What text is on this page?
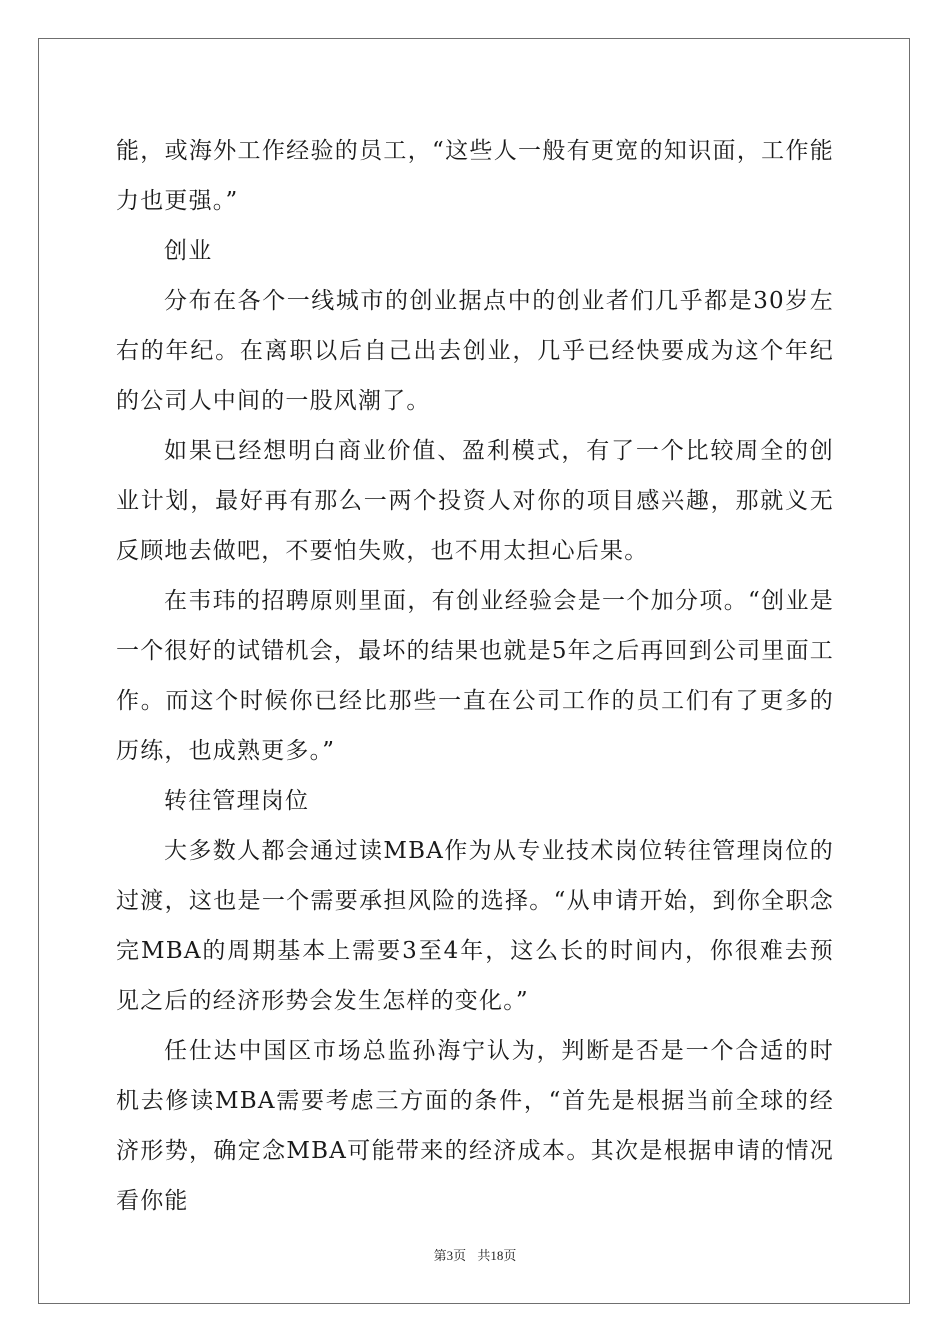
能，或海外工作经验的员工，“这些人一般有更宽的知识面，工作能力也更强。”

创业

分布在各个一线城市的创业据点中的创业者们几乎都是30岁左右的年纪。在离职以后自己出去创业，几乎已经快要成为这个年纪的公司人中间的一股风潮了。

如果已经想明白商业价值、盈利模式，有了一个比较周全的创业计划，最好再有那么一两个投资人对你的项目感兴趣，那就义无反顾地去做吧，不要怕失败，也不用太担心后果。

在韦玮的招聘原则里面，有创业经验会是一个加分项。“创业是一个很好的试错机会，最坏的结果也就是5年之后再回到公司里面工作。而这个时候你已经比那些一直在公司工作的员工们有了更多的历练，也成熟更多。”

转往管理岗位

大多数人都会通过读MBA作为从专业技术岗位转往管理岗位的过渡，这也是一个需要承担风险的选择。“从申请开始，到你全职念完MBA的周期基本上需要3至4年，这么长的时间内，你很难去预见之后的经济形势会发生怎样的变化。”

任仕达中国区市场总监孙海宁认为，判断是否是一个合适的时机去修读MBA需要考虑三方面的条件，“首先是根据当前全球的经济形势，确定念MBA可能带来的经济成本。其次是根据申请的情况看你能

第3页 共18页
